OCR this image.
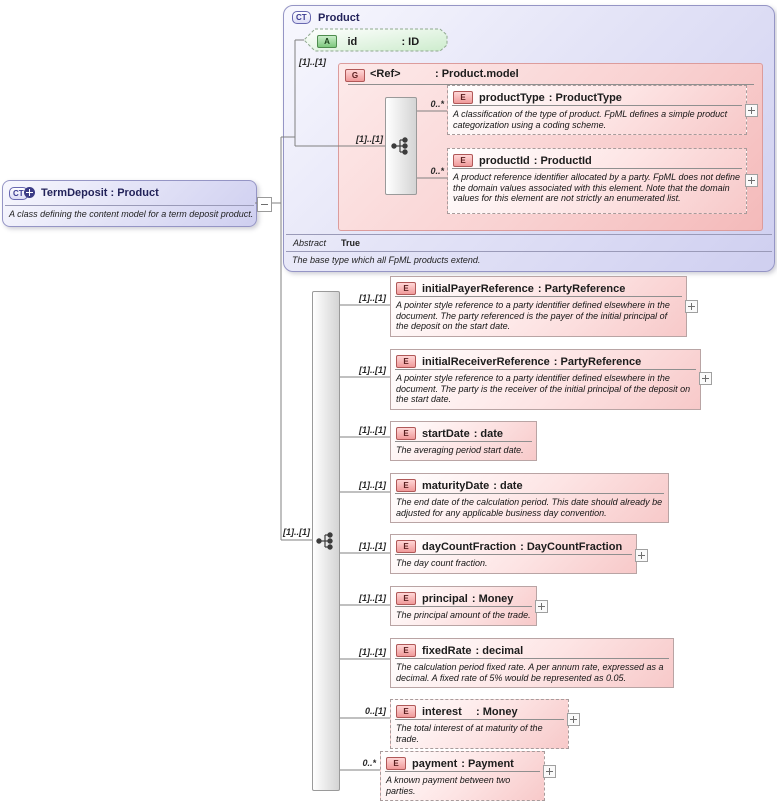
CT	Product
G	<Ref>	: Product.model
Abstract True
The base type which all FpML products extend.
CT	TermDeposit : Product
A class defining the content model for a term deposit product.
A id	: ID
[1]..[1]
[1]..[1]
0..*
0..*
[1]..[1]
[1]..[1]
[1]..[1]
[1]..[1]
[1]..[1]
[1]..[1]
[1]..[1]
[1]..[1]
0..[1]
0..*
E productType : ProductType
A classification of the type of product. FpML defines a simple product categorization using a coding scheme.
E productId : ProductId
A product reference identifier allocated by a party. FpML does not define the domain values associated with this element. Note that the domain values for this element are not strictly an enumerated list.
E initialPayerReference : PartyReference
A pointer style reference to a party identifier defined elsewhere in the document. The party referenced is the payer of the initial principal of the deposit on the start date.
E initialReceiverReference : PartyReference
A pointer style reference to a party identifier defined elsewhere in the document. The party is the receiver of the initial principal of the deposit on the start date.
E startDate : date
The averaging period start date.
E maturityDate : date
The end date of the calculation period. This date should already be adjusted for any applicable business day convention.
E dayCountFraction : DayCountFraction
The day count fraction.
E principal : Money
The principal amount of the trade.
E fixedRate : decimal
The calculation period fixed rate. A per annum rate, expressed as a decimal. A fixed rate of 5% would be represented as 0.05.
E interest : Money
The total interest of at maturity of the trade.
E payment : Payment
A known payment between two parties.
